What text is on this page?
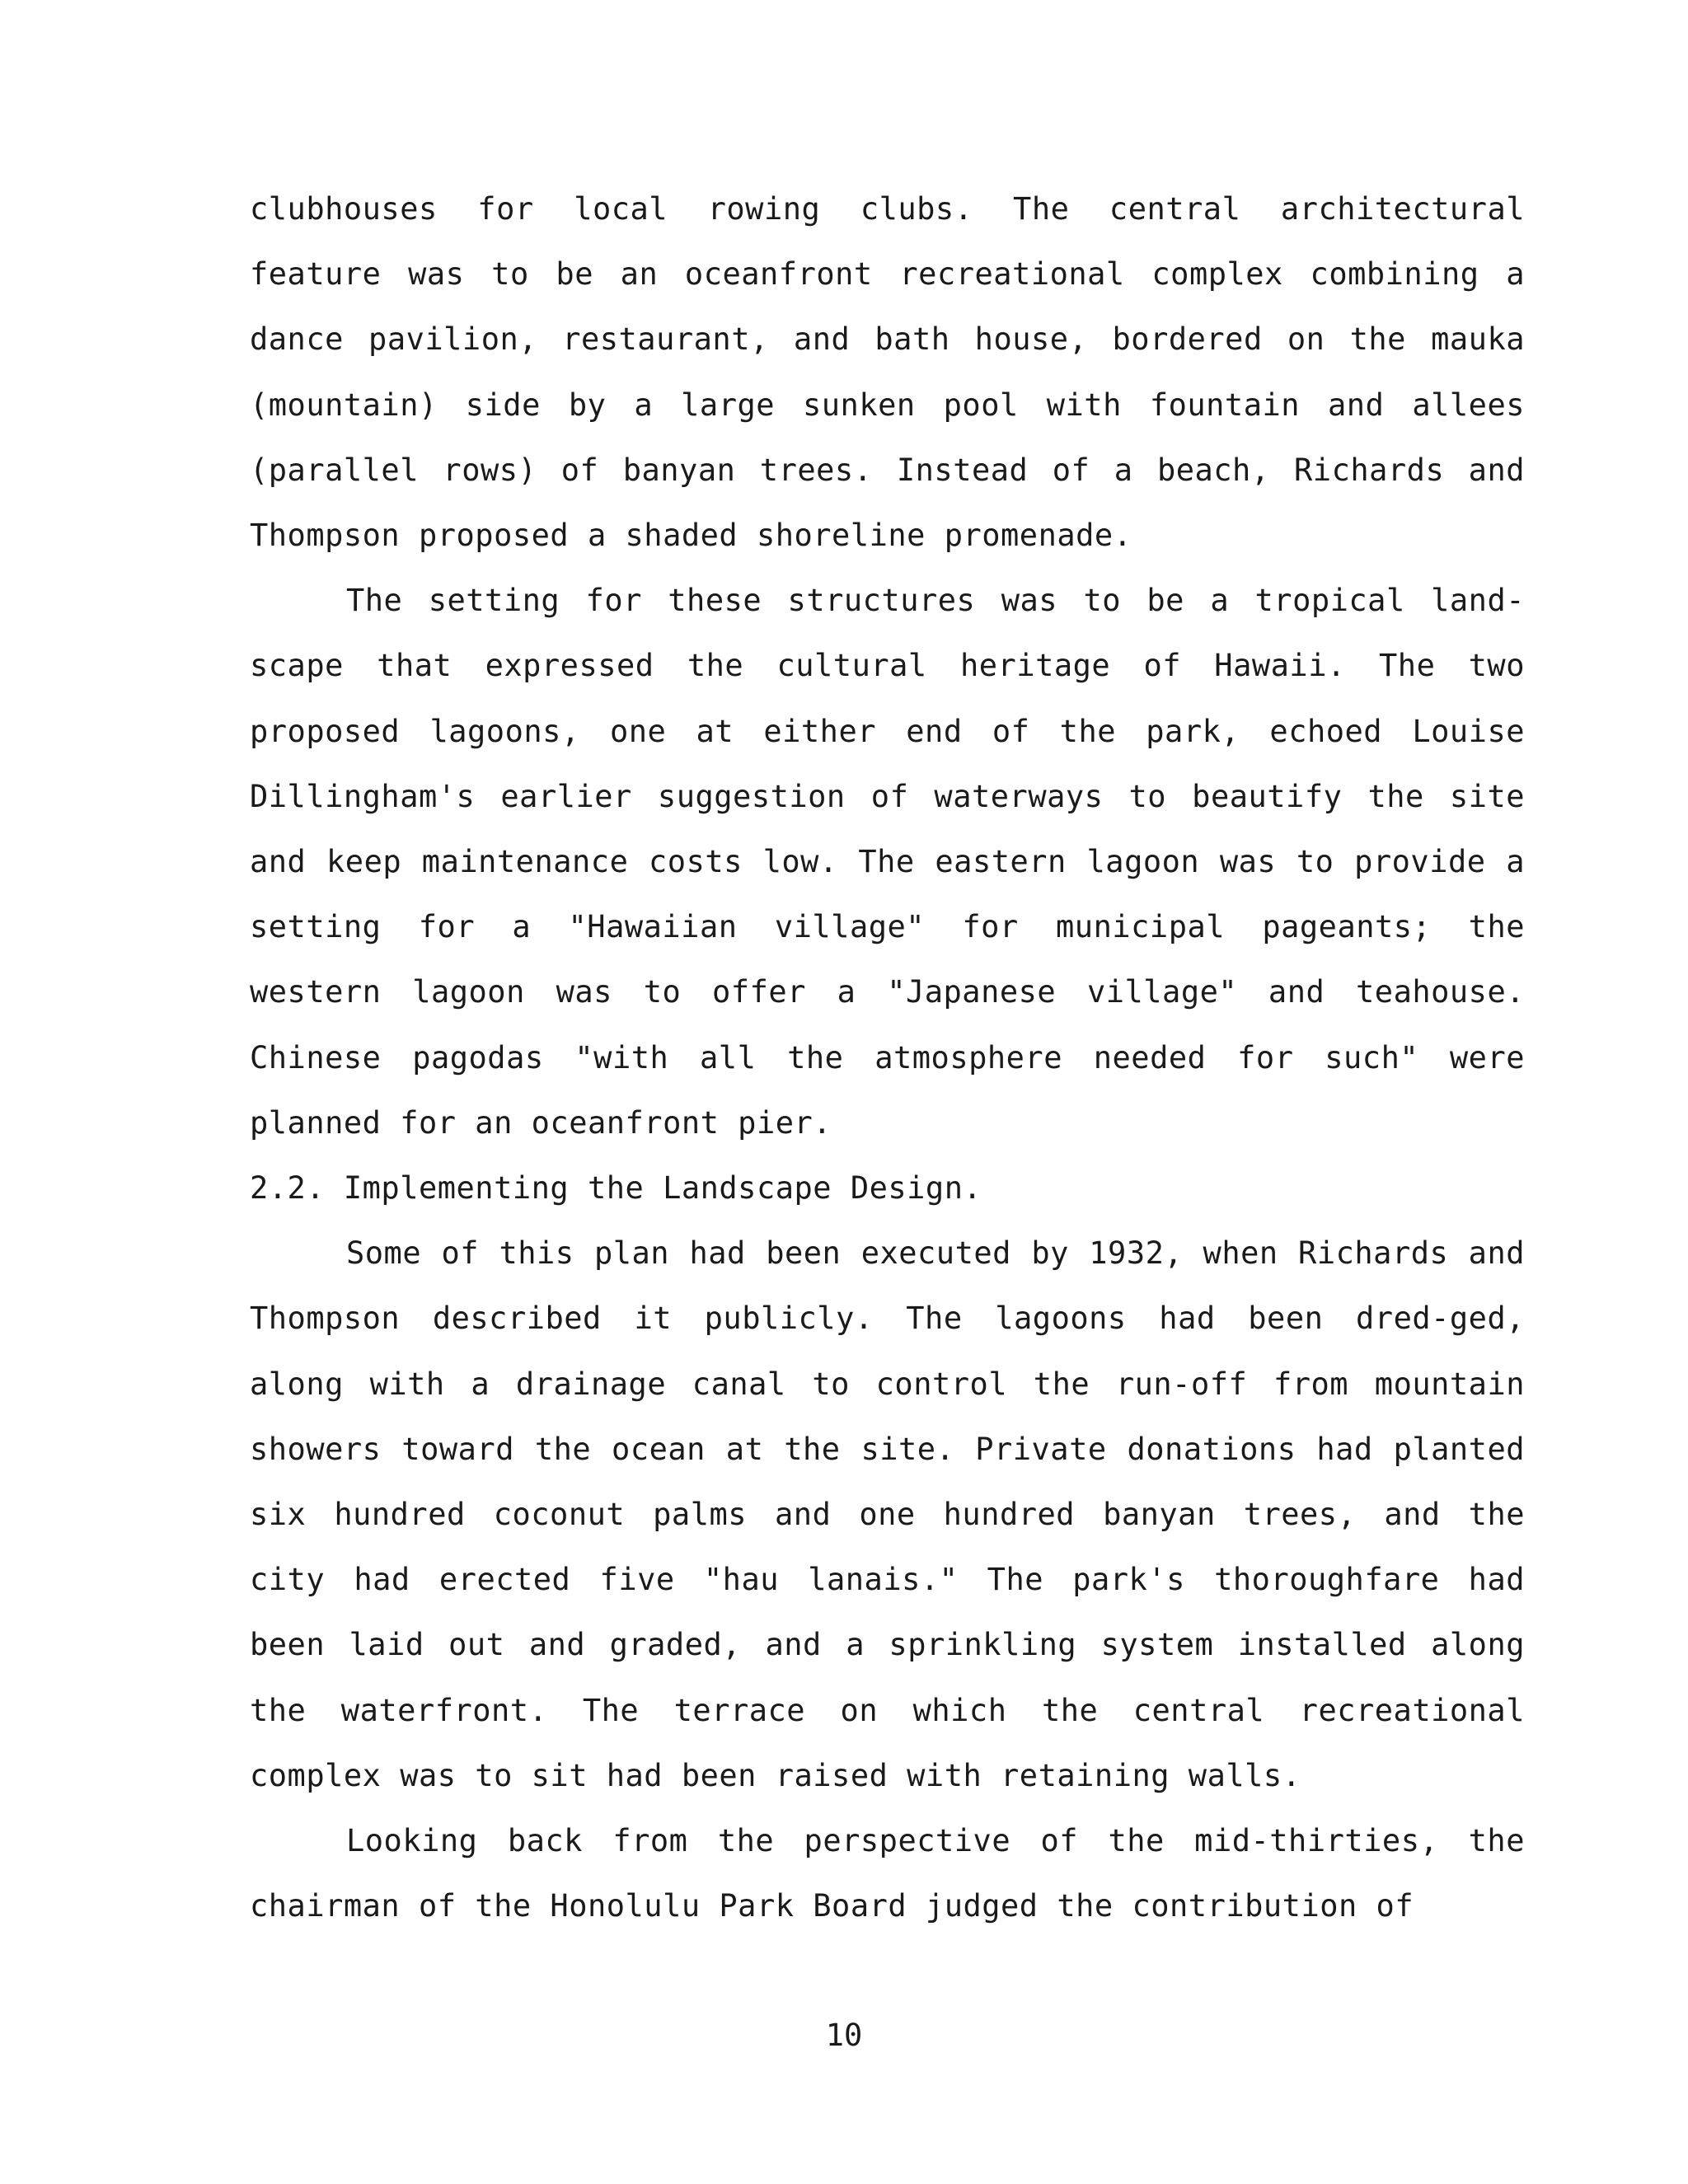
clubhouses for local rowing clubs. The central architectural feature was to be an oceanfront recreational complex combining a dance pavilion, restaurant, and bath house, bordered on the mauka (mountain) side by a large sunken pool with fountain and allees (parallel rows) of banyan trees. Instead of a beach, Richards and Thompson proposed a shaded shoreline promenade.

The setting for these structures was to be a tropical land-scape that expressed the cultural heritage of Hawaii. The two proposed lagoons, one at either end of the park, echoed Louise Dillingham's earlier suggestion of waterways to beautify the site and keep maintenance costs low. The eastern lagoon was to provide a setting for a "Hawaiian village" for municipal pageants; the western lagoon was to offer a "Japanese village" and teahouse. Chinese pagodas "with all the atmosphere needed for such" were planned for an oceanfront pier.

2.2. Implementing the Landscape Design.

Some of this plan had been executed by 1932, when Richards and Thompson described it publicly. The lagoons had been dred-ged, along with a drainage canal to control the run-off from mountain showers toward the ocean at the site. Private donations had planted six hundred coconut palms and one hundred banyan trees, and the city had erected five "hau lanais." The park's thoroughfare had been laid out and graded, and a sprinkling system installed along the waterfront. The terrace on which the central recreational complex was to sit had been raised with retaining walls.

Looking back from the perspective of the mid-thirties, the chairman of the Honolulu Park Board judged the contribution of

10
